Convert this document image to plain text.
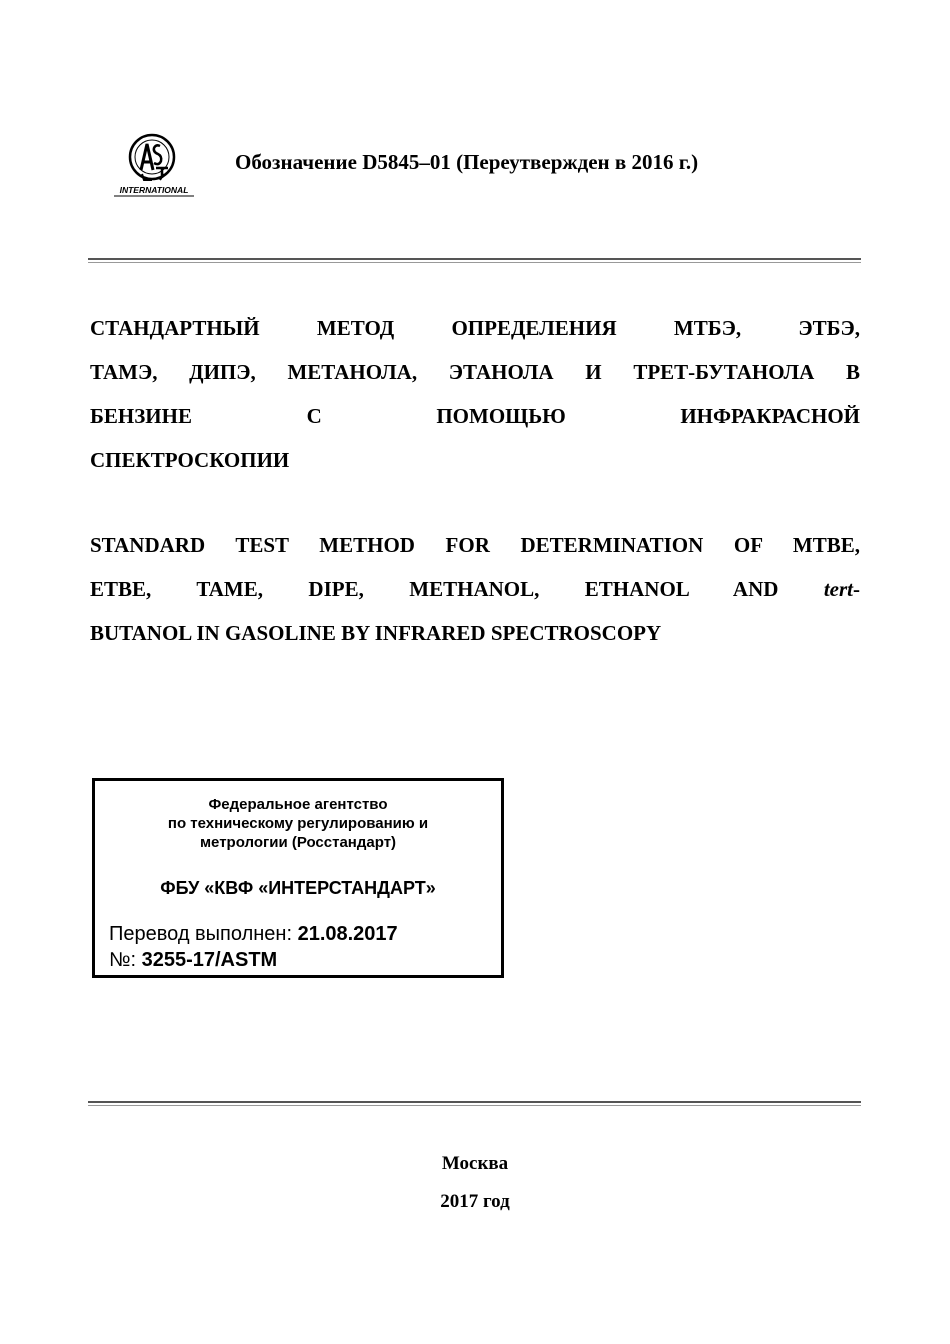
INTERNATIONAL
Обозначение D5845–01 (Переутвержден в 2016 г.)
СТАНДАРТНЫЙ МЕТОД ОПРЕДЕЛЕНИЯ МТБЭ, ЭТБЭ,
ТАМЭ, ДИПЭ, МЕТАНОЛА, ЭТАНОЛА И ТРЕТ-БУТАНОЛА В
БЕНЗИНЕ С ПОМОЩЬЮ ИНФРАКРАСНОЙ
СПЕКТРОСКОПИИ
STANDARD TEST METHOD FOR DETERMINATION OF MTBE,
ETBE, TAME, DIPE, METHANOL, ETHANOL AND tert-
BUTANOL IN GASOLINE BY INFRARED SPECTROSCOPY
Федеральное агентство
по техническому регулированию и
метрологии (Росстандарт)
ФБУ «КВФ «ИНТЕРСТАНДАРТ»
Перевод выполнен: 21.08.2017
№: 3255-17/ASTM
Москва
2017 год
